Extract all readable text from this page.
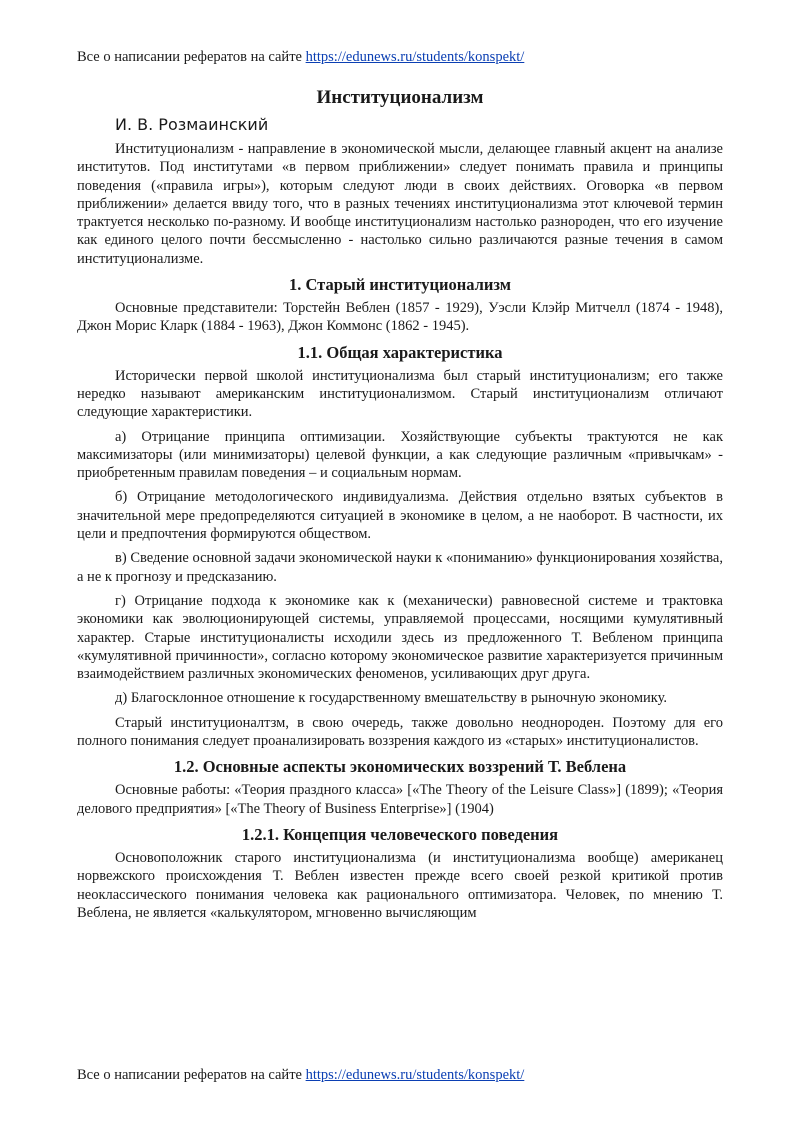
Все о написании рефератов на сайте https://edunews.ru/students/konspekt/
Институционализм
И. В. Розмаинский

Институционализм - направление в экономической мысли, делающее главный акцент на анализе институтов. Под институтами «в первом приближении» следует понимать правила и принципы поведения («правила игры»), которым следуют люди в своих действиях. Оговорка «в первом приближении» делается ввиду того, что в разных течениях институционализма этот ключевой термин трактуется несколько по-разному. И вообще институционализм настолько разнороден, что его изучение как единого целого почти бессмысленно - настолько сильно различаются разные течения в самом институционализме.

1. Старый институционализм

Основные представители: Торстейн Веблен (1857 - 1929), Уэсли Клэйр Митчелл (1874 - 1948), Джон Морис Кларк (1884 - 1963), Джон Коммонс (1862 - 1945).

1.1. Общая характеристика

Исторически первой школой институционализма был старый институционализм; его также нередко называют американским институционализмом. Старый институционализм отличают следующие характеристики.

а) Отрицание принципа оптимизации. Хозяйствующие субъекты трактуются не как максимизаторы (или минимизаторы) целевой функции, а как следующие различным «привычкам» - приобретенным правилам поведения – и социальным нормам.

б) Отрицание методологического индивидуализма. Действия отдельно взятых субъектов в значительной мере предопределяются ситуацией в экономике в целом, а не наоборот. В частности, их цели и предпочтения формируются обществом.

в) Сведение основной задачи экономической науки к «пониманию» функционирования хозяйства, а не к прогнозу и предсказанию.

г) Отрицание подхода к экономике как к (механически) равновесной системе и трактовка экономики как эволюционирующей системы, управляемой процессами, носящими кумулятивный характер. Старые институционалисты исходили здесь из предложенного Т. Вебленом принципа «кумулятивной причинности», согласно которому экономическое развитие характеризуется причинным взаимодействием различных экономических феноменов, усиливающих друг друга.

д) Благосклонное отношение к государственному вмешательству в рыночную экономику.

Старый институционалтзм, в свою очередь, также довольно неоднороден. Поэтому для его полного понимания следует проанализировать воззрения каждого из «старых» институционалистов.

1.2. Основные аспекты экономических воззрений Т. Веблена

Основные работы: «Теория праздного класса» [«The Theory of the Leisure Class»] (1899); «Теория делового предприятия» [«The Theory of Business Enterprise»] (1904)

1.2.1. Концепция человеческого поведения

Основоположник старого институционализма (и институционализма вообще) американец норвежского происхождения Т. Веблен известен прежде всего своей резкой критикой против неоклассического понимания человека как рационального оптимизатора. Человек, по мнению Т. Веблена, не является «калькулятором, мгновенно вычисляющим

Все о написании рефератов на сайте https://edunews.ru/students/konspekt/
